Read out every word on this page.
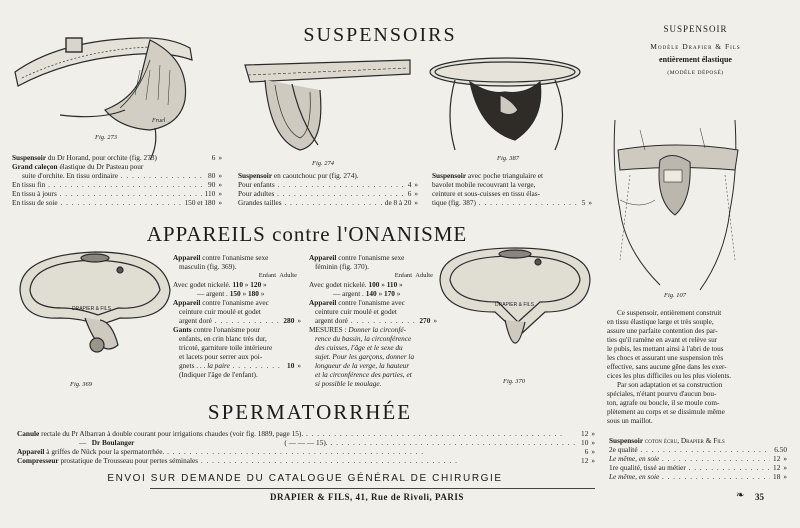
SUSPENSOIRS
APPAREILS contre l'ONANISME
SPERMATORRHÉE
Fig. 273
Fruel
Fig. 274
Fig. 387
Fig. 107
Fig. 369	Fig. 370
DRAPIER & FILS
DRAPIER & FILS
Suspensoir du Dr Horand, pour orchite (fig. 273)	6 »
Grand caleçon élastique du Dr Pasteau pour
suite d'orchite. En tissu ordinaire . . .	80 »
En tissu fin . . .	90 »
En tissu à jours . . .	110 »
En tissu de soie . . .	150 et 180 »
Suspensoir en caoutchouc pur (fig. 274).
Pour enfants . . .	4 »
Pour adultes . . .	6 »
Grandes tailles . . .	de 8 à 20 »
Suspensoir avec poche triangulaire et
bavolet mobile recouvrant la verge,
ceinture et sous-cuisses en tissu élas-
tique (fig. 387) . . .	5 »
SUSPENSOIR
Modèle Drapier & Fils
entièrement élastique
(MODÈLE DÉPOSÉ)
Ce suspensoir, entièrement construit
en tissu élastique large et très souple,
assure une parfaite contention des par-
ties qu'il ramène en avant et relève sur
le pubis, les mettant ainsi à l'abri de tous
les chocs et assurant une suspension très
effective, sans aucune gêne dans les exer-
cices les plus difficiles ou les plus violents.
Par son adaptation et sa construction
spéciales, n'étant pourvu d'aucun bou-
ton, agrafe ou boucle, il se moule com-
plètement au corps et se dissimule même
sous un maillot.
Suspensoir coton écru, Drapier & Fils
2e qualité . . .	6.50
Le même, en soie . . .	12 »
1re qualité, tissé au métier . . .	12 »
Le même, en soie . . .	18 »
Appareil contre l'onanisme sexe
masculin (fig. 369).
Enfant Adulte
Avec godet nickelé. 110 » 120 »
— argent . 150 » 180 »
Appareil contre l'onanisme avec
ceinture cuir moulé et godet
argent doré . . .	280 »
Gants contre l'onanisme pour
enfants, en crin blanc très dur,
tricoté, garniture toile intérieure
et lacets pour serrer aux poi-
gnets . . . la paire . . .	10 »
(Indiquer l'âge de l'enfant).
Appareil contre l'onanisme sexe
féminin (fig. 370).
Enfant Adulte
Avec godet nickelé. 100 » 110 »
— argent . 140 » 170 »
Appareil contre l'onanisme avec
ceinture cuir moulé et godet
argent doré . . .	270 »
MESURES : Donner la circonfé-
rence du bassin, la circonférence
des cuisses, l'âge et le sexe du
sujet. Pour les garçons, donner la
longueur de la verge, la hauteur
et la circonférence des parties, et
si possible le moulage.
Canule rectale du Pr Albarran à double courant pour irrigations chaudes (voir fig. 1889, page 15). . . .	12 »
— Dr Boulanger	( — — — 15). . . .	10 »
Appareil à griffes de Nück pour la spermatorrhée. . . .	6 »
Compresseur prostatique de Trousseau pour pertes séminales . . .	12 »
ENVOI SUR DEMANDE DU CATALOGUE GÉNÉRAL DE CHIRURGIE
DRAPIER & FILS, 41, Rue de Rivoli, PARIS	❧ 35
